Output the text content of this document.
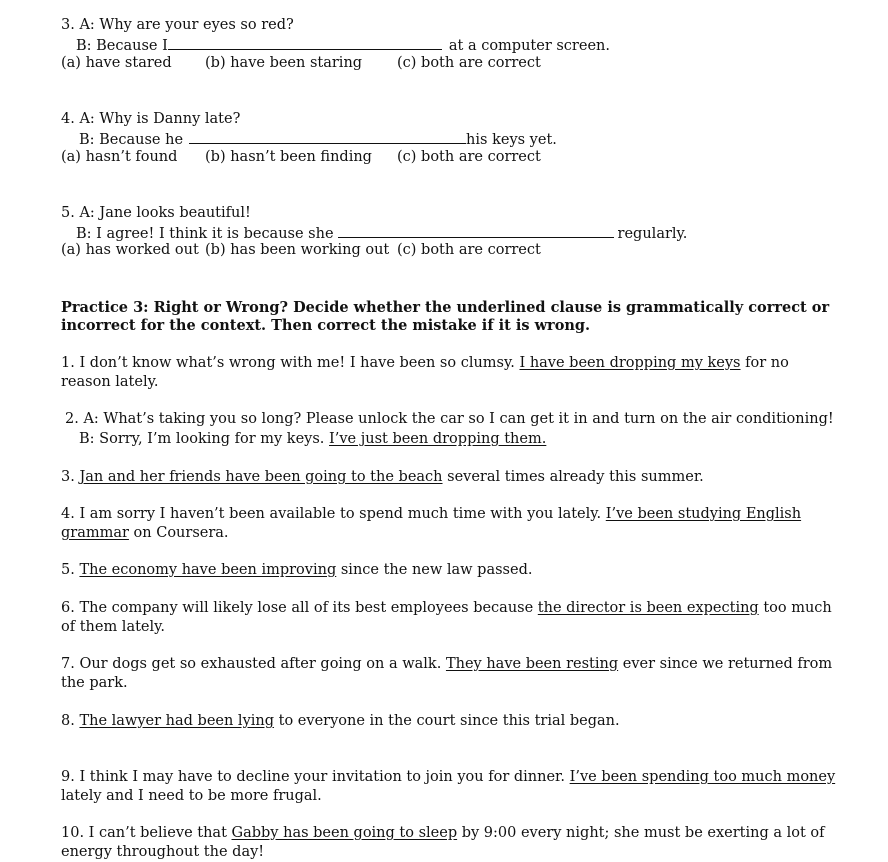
3. A: Why are your eyes so red?
B: Because I	at a computer screen.
(a) have stared (b) have been staring (c) both are correct
4. A: Why is Danny late?
B: Because he	his keys yet.
(a) hasn’t found (b) hasn’t been finding (c) both are correct
5. A: Jane looks beautiful!
B: I agree! I think it is because she	regularly.
(a) has worked out (b) has been working out (c) both are correct
Practice 3: Right or Wrong? Decide whether the underlined clause is grammatically correct or
incorrect for the context. Then correct the mistake if it is wrong.
1. I don’t know what’s wrong with me! I have been so clumsy. I have been dropping my keys for no
reason lately.
2. A: What’s taking you so long? Please unlock the car so I can get it in and turn on the air conditioning!
B: Sorry, I’m looking for my keys. I’ve just been dropping them.
3. Jan and her friends have been going to the beach several times already this summer.
4. I am sorry I haven’t been available to spend much time with you lately. I’ve been studying English
grammar on Coursera.
5. The economy have been improving since the new law passed.
6. The company will likely lose all of its best employees because the director is been expecting too much
of them lately.
7. Our dogs get so exhausted after going on a walk. They have been resting ever since we returned from
the park.
8. The lawyer had been lying to everyone in the court since this trial began.
9. I think I may have to decline your invitation to join you for dinner. I’ve been spending too much money
lately and I need to be more frugal.
10. I can’t believe that Gabby has been going to sleep by 9:00 every night; she must be exerting a lot of
energy throughout the day!
